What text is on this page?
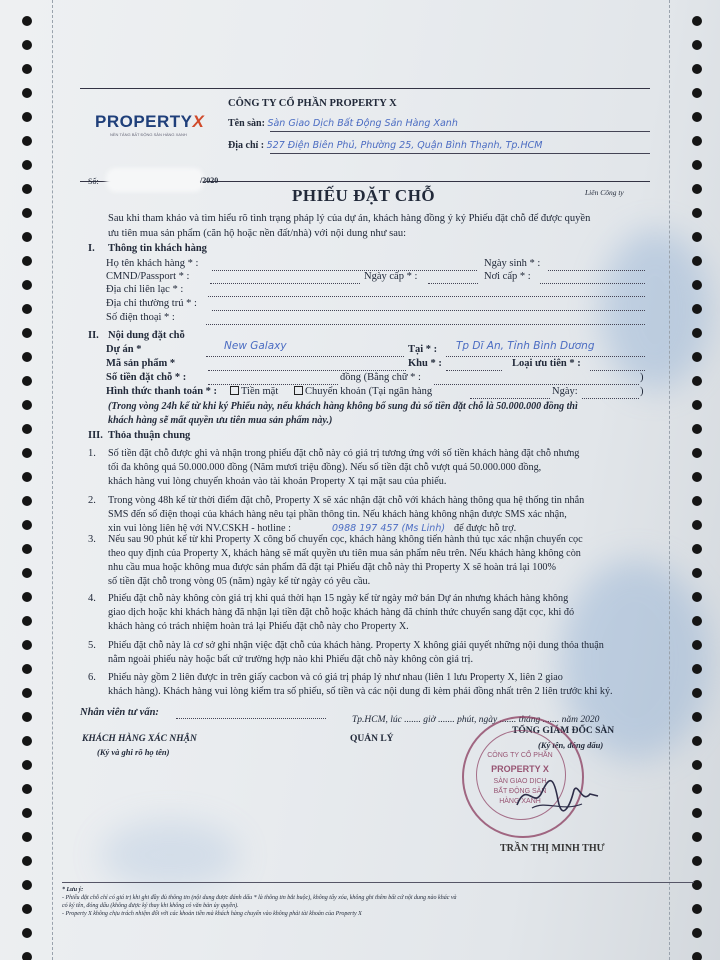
PROPERTYX
NỀN TẢNG BẤT ĐỘNG SẢN HÀNG XANH
CÔNG TY CỔ PHẦN PROPERTY X
Tên sàn: Sàn Giao Dịch Bất Động Sản Hàng Xanh
Địa chỉ : 527 Điện Biên Phủ, Phường 25, Quận Bình Thạnh, Tp.HCM
Số:	/2020
PHIẾU ĐẶT CHỖ	Liên Công ty
Sau khi tham khảo và tìm hiểu rõ tình trạng pháp lý của dự án, khách hàng đồng ý ký Phiếu đặt chỗ để được quyền
ưu tiên mua sản phẩm (căn hộ hoặc nền đất/nhà) với nội dung như sau:
I. Thông tin khách hàng
Họ tên khách hàng * :	Ngày sinh * :
CMND/Passport * :	Ngày cấp * :	Nơi cấp * :
Địa chỉ liên lạc * :
Địa chỉ thường trú * :
Số điện thoại * :
II. Nội dung đặt chỗ
Dự án *	New Galaxy	Tại * : Tp Dĩ An, Tỉnh Bình Dương
Mã sản phẩm *	Khu * :	Loại ưu tiên * :
Số tiền đặt chỗ * :	đồng (Bằng chữ * :	)
Hình thức thanh toán * :	Tiền mặt	Chuyển khoản (Tại ngân hàng	Ngày:	)
(Trong vòng 24h kể từ khi ký Phiếu này, nếu khách hàng không bổ sung đủ số tiền đặt chỗ là 50.000.000 đồng thì
khách hàng sẽ mất quyền ưu tiên mua sản phẩm này.)
III. Thỏa thuận chung
1. Số tiền đặt chỗ được ghi và nhận trong phiếu đặt chỗ này có giá trị tương ứng với số tiền khách hàng đặt chỗ nhưng
tối đa không quá 50.000.000 đồng (Năm mươi triệu đồng). Nếu số tiền đặt chỗ vượt quá 50.000.000 đồng,
khách hàng vui lòng chuyển khoản vào tài khoản Property X tại mặt sau của phiếu.
2. Trong vòng 48h kể từ thời điểm đặt chỗ, Property X sẽ xác nhận đặt chỗ với khách hàng thông qua hệ thống tin nhắn
SMS đến số điện thoại của khách hàng nêu tại phần thông tin. Nếu khách hàng không nhận được SMS xác nhận,
xin vui lòng liên hệ với NV.CSKH - hotline :
3. Nếu sau 90 phút kể từ khi Property X công bố chuyển cọc, khách hàng không tiến hành thủ tục xác nhận chuyển cọc
theo quy định của Property X, khách hàng sẽ mất quyền ưu tiên mua sản phẩm nêu trên. Nếu khách hàng không còn
nhu cầu mua hoặc không mua được sản phẩm đã đặt tại Phiếu đặt chỗ này thì Property X sẽ hoàn trả lại 100%
số tiền đặt chỗ trong vòng 05 (năm) ngày kể từ ngày có yêu cầu.
4. Phiếu đặt chỗ này không còn giá trị khi quá thời hạn 15 ngày kể từ ngày mở bán Dự án nhưng khách hàng không
giao dịch hoặc khi khách hàng đã nhận lại tiền đặt chỗ hoặc khách hàng đã chính thức chuyển sang đặt cọc, khi đó
khách hàng có trách nhiệm hoàn trả lại Phiếu đặt chỗ này cho Property X.
5. Phiếu đặt chỗ này là cơ sở ghi nhận việc đặt chỗ của khách hàng. Property X không giải quyết những nội dung thỏa thuận
nằm ngoài phiếu này hoặc bất cứ trường hợp nào khi Phiếu đặt chỗ này không còn giá trị.
6. Phiếu này gồm 2 liên được in trên giấy cacbon và có giá trị pháp lý như nhau (liên 1 lưu Property X, liên 2 giao
khách hàng). Khách hàng vui lòng kiểm tra số phiếu, số tiền và các nội dung đi kèm phải đồng nhất trên 2 liên trước khi ký.
0988 197 457 (Ms Linh) để được hỗ trợ.
Nhân viên tư vấn:
Tp.HCM, lúc ....... giờ ....... phút, ngày ....... tháng ....... năm 2020
KHÁCH HÀNG XÁC NHẬN
(Ký và ghi rõ họ tên)
QUẢN LÝ
TỔNG GIÁM ĐỐC SÀN
(Ký tên, đóng dấu)
CÔNG TY CỔ PHẦN
PROPERTY X
SÀN GIAO DỊCH
BẤT ĐỘNG SẢN
HÀNG XANH
TRẦN THỊ MINH THƯ
* Lưu ý:
- Phiếu đặt chỗ chỉ có giá trị khi ghi đầy đủ thông tin (nội dung được đánh dấu * là thông tin bắt buộc), không tẩy xóa, không ghi thêm bất cứ nội dung nào khác và
có ký tên, đóng dấu (không được ký thay khi không có văn bản ủy quyền).
- Property X không chịu trách nhiệm đối với các khoản tiền mà khách hàng chuyển vào không phải tài khoản của Property X
